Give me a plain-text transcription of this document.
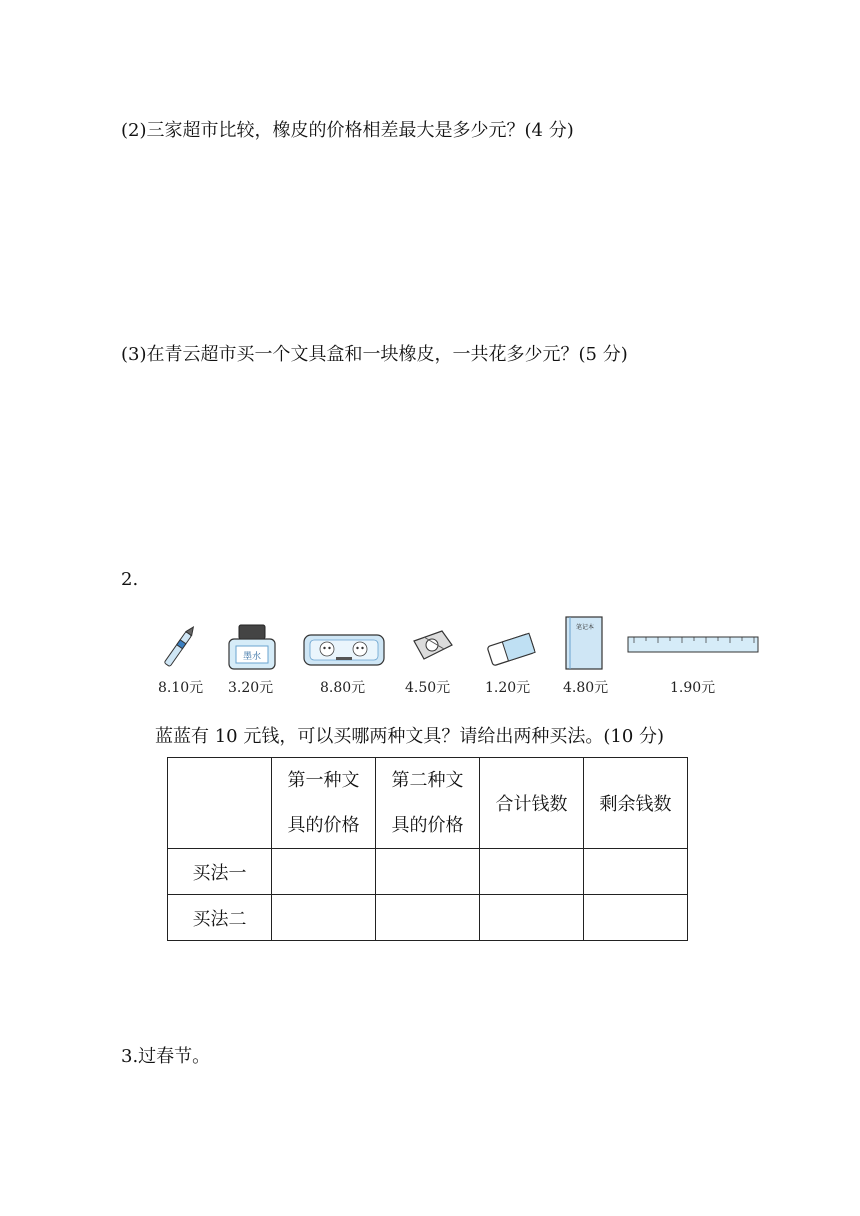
(2)三家超市比较，橡皮的价格相差最大是多少元？(4 分)
(3)在青云超市买一个文具盒和一块橡皮，一共花多少元？(5 分)
2.
8.10元
墨水
3.20元	8.80元	4.50元 1.20元
笔记本
4.80元	1.90元
蓝蓝有 10 元钱，可以买哪两种文具？请给出两种买法。(10 分)

	第一种文
具的价格	第二种文
具的价格	合计钱数	剩余钱数
买法一				
买法二				
3.过春节。
